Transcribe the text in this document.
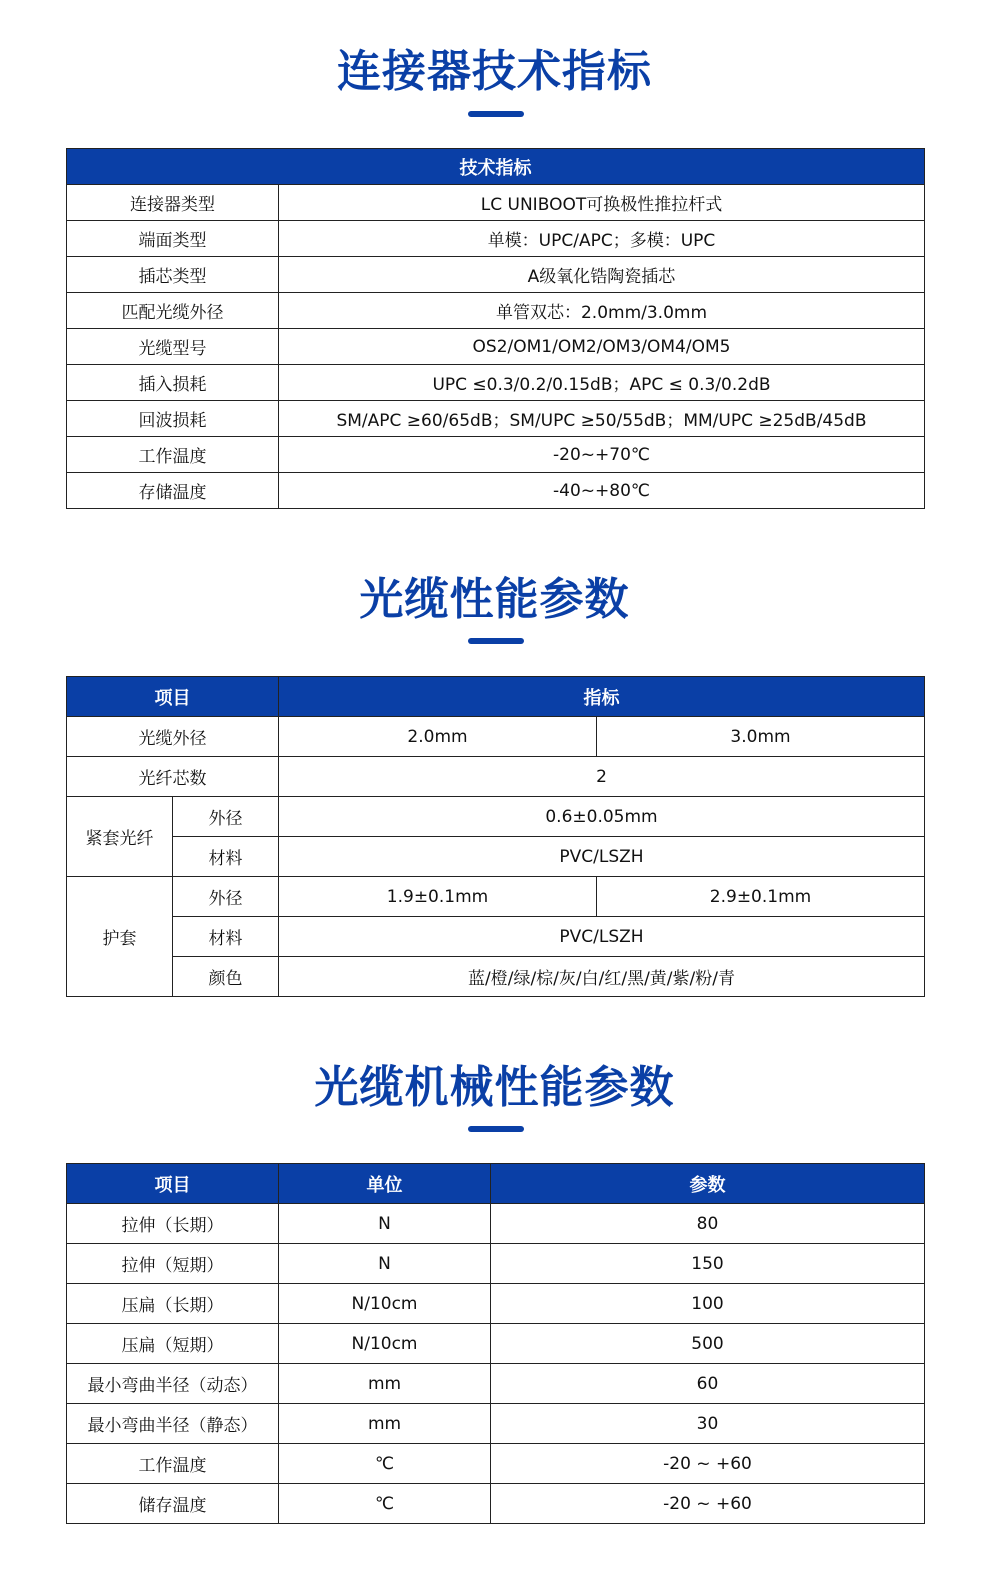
连接器技术指标
技术指标	
连接器类型	LC UNIBOOT可换极性推拉杆式
端面类型	单模：UPC/APC；多模：UPC
插芯类型	A级氧化锆陶瓷插芯
匹配光缆外径	单管双芯：2.0mm/3.0mm
光缆型号	OS2/OM1/OM2/OM3/OM4/OM5
插入损耗	UPC ≤0.3/0.2/0.15dB；APC ≤ 0.3/0.2dB
回波损耗	SM/APC ≥60/65dB；SM/UPC ≥50/55dB；MM/UPC ≥25dB/45dB
工作温度	-20~+70℃
存储温度	-40~+80℃
光缆性能参数
项目		指标	
光缆外径		2.0mm	3.0mm
光纤芯数		2	
紧套光纤	外径	0.6±0.05mm	
	材料	PVC/LSZH	
护套	外径	1.9±0.1mm	2.9±0.1mm
	材料	PVC/LSZH	
	颜色	蓝/橙/绿/棕/灰/白/红/黑/黄/紫/粉/青	
光缆机械性能参数
项目	单位	参数
拉伸（长期）	N	80
拉伸（短期）	N	150
压扁（长期）	N/10cm	100
压扁（短期）	N/10cm	500
最小弯曲半径（动态）	mm	60
最小弯曲半径（静态）	mm	30
工作温度	℃	-20 ~ +60
储存温度	℃	-20 ~ +60
